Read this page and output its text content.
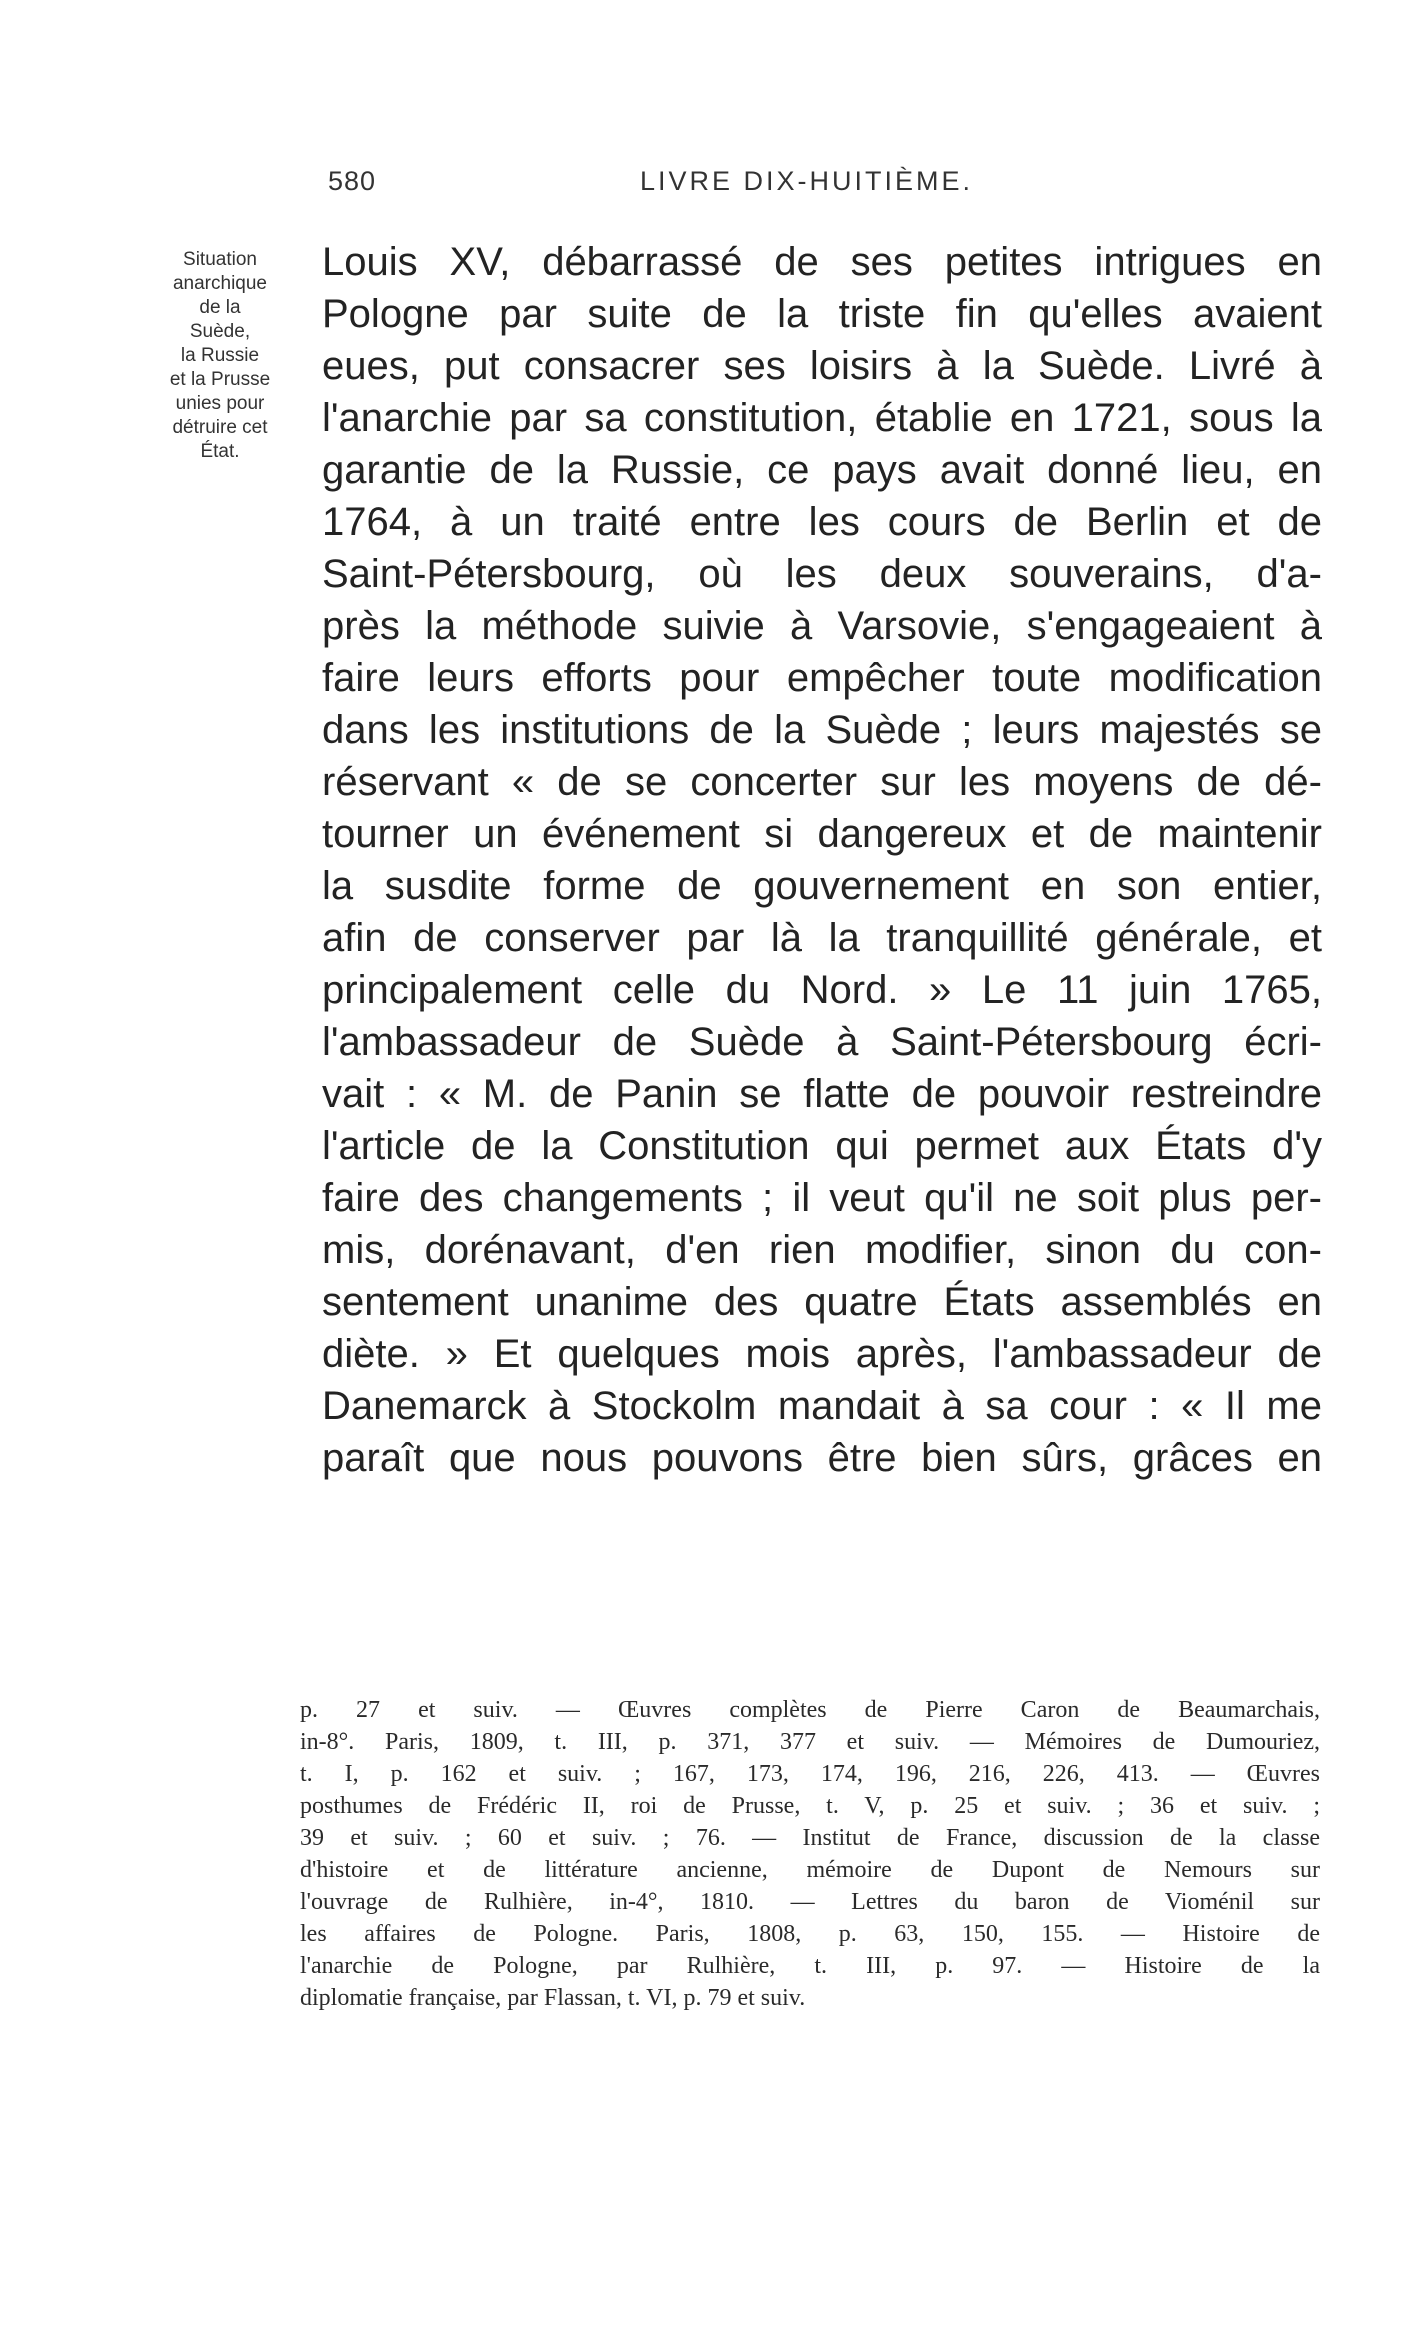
580	LIVRE DIX-HUITIÈME.
Situation
anarchique
de la
Suède,
la Russie
et la Prusse
unies pour
détruire cet
État.
Louis XV, débarrassé de ses petites intrigues en
Pologne par suite de la triste fin qu'elles avaient
eues, put consacrer ses loisirs à la Suède. Livré à
l'anarchie par sa constitution, établie en 1721, sous la
garantie de la Russie, ce pays avait donné lieu, en
1764, à un traité entre les cours de Berlin et de
Saint-Pétersbourg, où les deux souverains, d'a-
près la méthode suivie à Varsovie, s'engageaient à
faire leurs efforts pour empêcher toute modification
dans les institutions de la Suède ; leurs majestés se
réservant « de se concerter sur les moyens de dé-
tourner un événement si dangereux et de maintenir
la susdite forme de gouvernement en son entier,
afin de conserver par là la tranquillité générale, et
principalement celle du Nord. » Le 11 juin 1765,
l'ambassadeur de Suède à Saint-Pétersbourg écri-
vait : « M. de Panin se flatte de pouvoir restreindre
l'article de la Constitution qui permet aux États d'y
faire des changements ; il veut qu'il ne soit plus per-
mis, dorénavant, d'en rien modifier, sinon du con-
sentement unanime des quatre États assemblés en
diète. » Et quelques mois après, l'ambassadeur de
Danemarck à Stockolm mandait à sa cour : « Il me
paraît que nous pouvons être bien sûrs, grâces en
p. 27 et suiv. — Œuvres complètes de Pierre Caron de Beaumarchais,
in-8°. Paris, 1809, t. III, p. 371, 377 et suiv. — Mémoires de Dumouriez,
t. I, p. 162 et suiv. ; 167, 173, 174, 196, 216, 226, 413. — Œuvres
posthumes de Frédéric II, roi de Prusse, t. V, p. 25 et suiv. ; 36 et suiv. ;
39 et suiv. ; 60 et suiv. ; 76. — Institut de France, discussion de la classe
d'histoire et de littérature ancienne, mémoire de Dupont de Nemours sur
l'ouvrage de Rulhière, in-4°, 1810. — Lettres du baron de Vioménil sur
les affaires de Pologne. Paris, 1808, p. 63, 150, 155. — Histoire de
l'anarchie de Pologne, par Rulhière, t. III, p. 97. — Histoire de la
diplomatie française, par Flassan, t. VI, p. 79 et suiv.
